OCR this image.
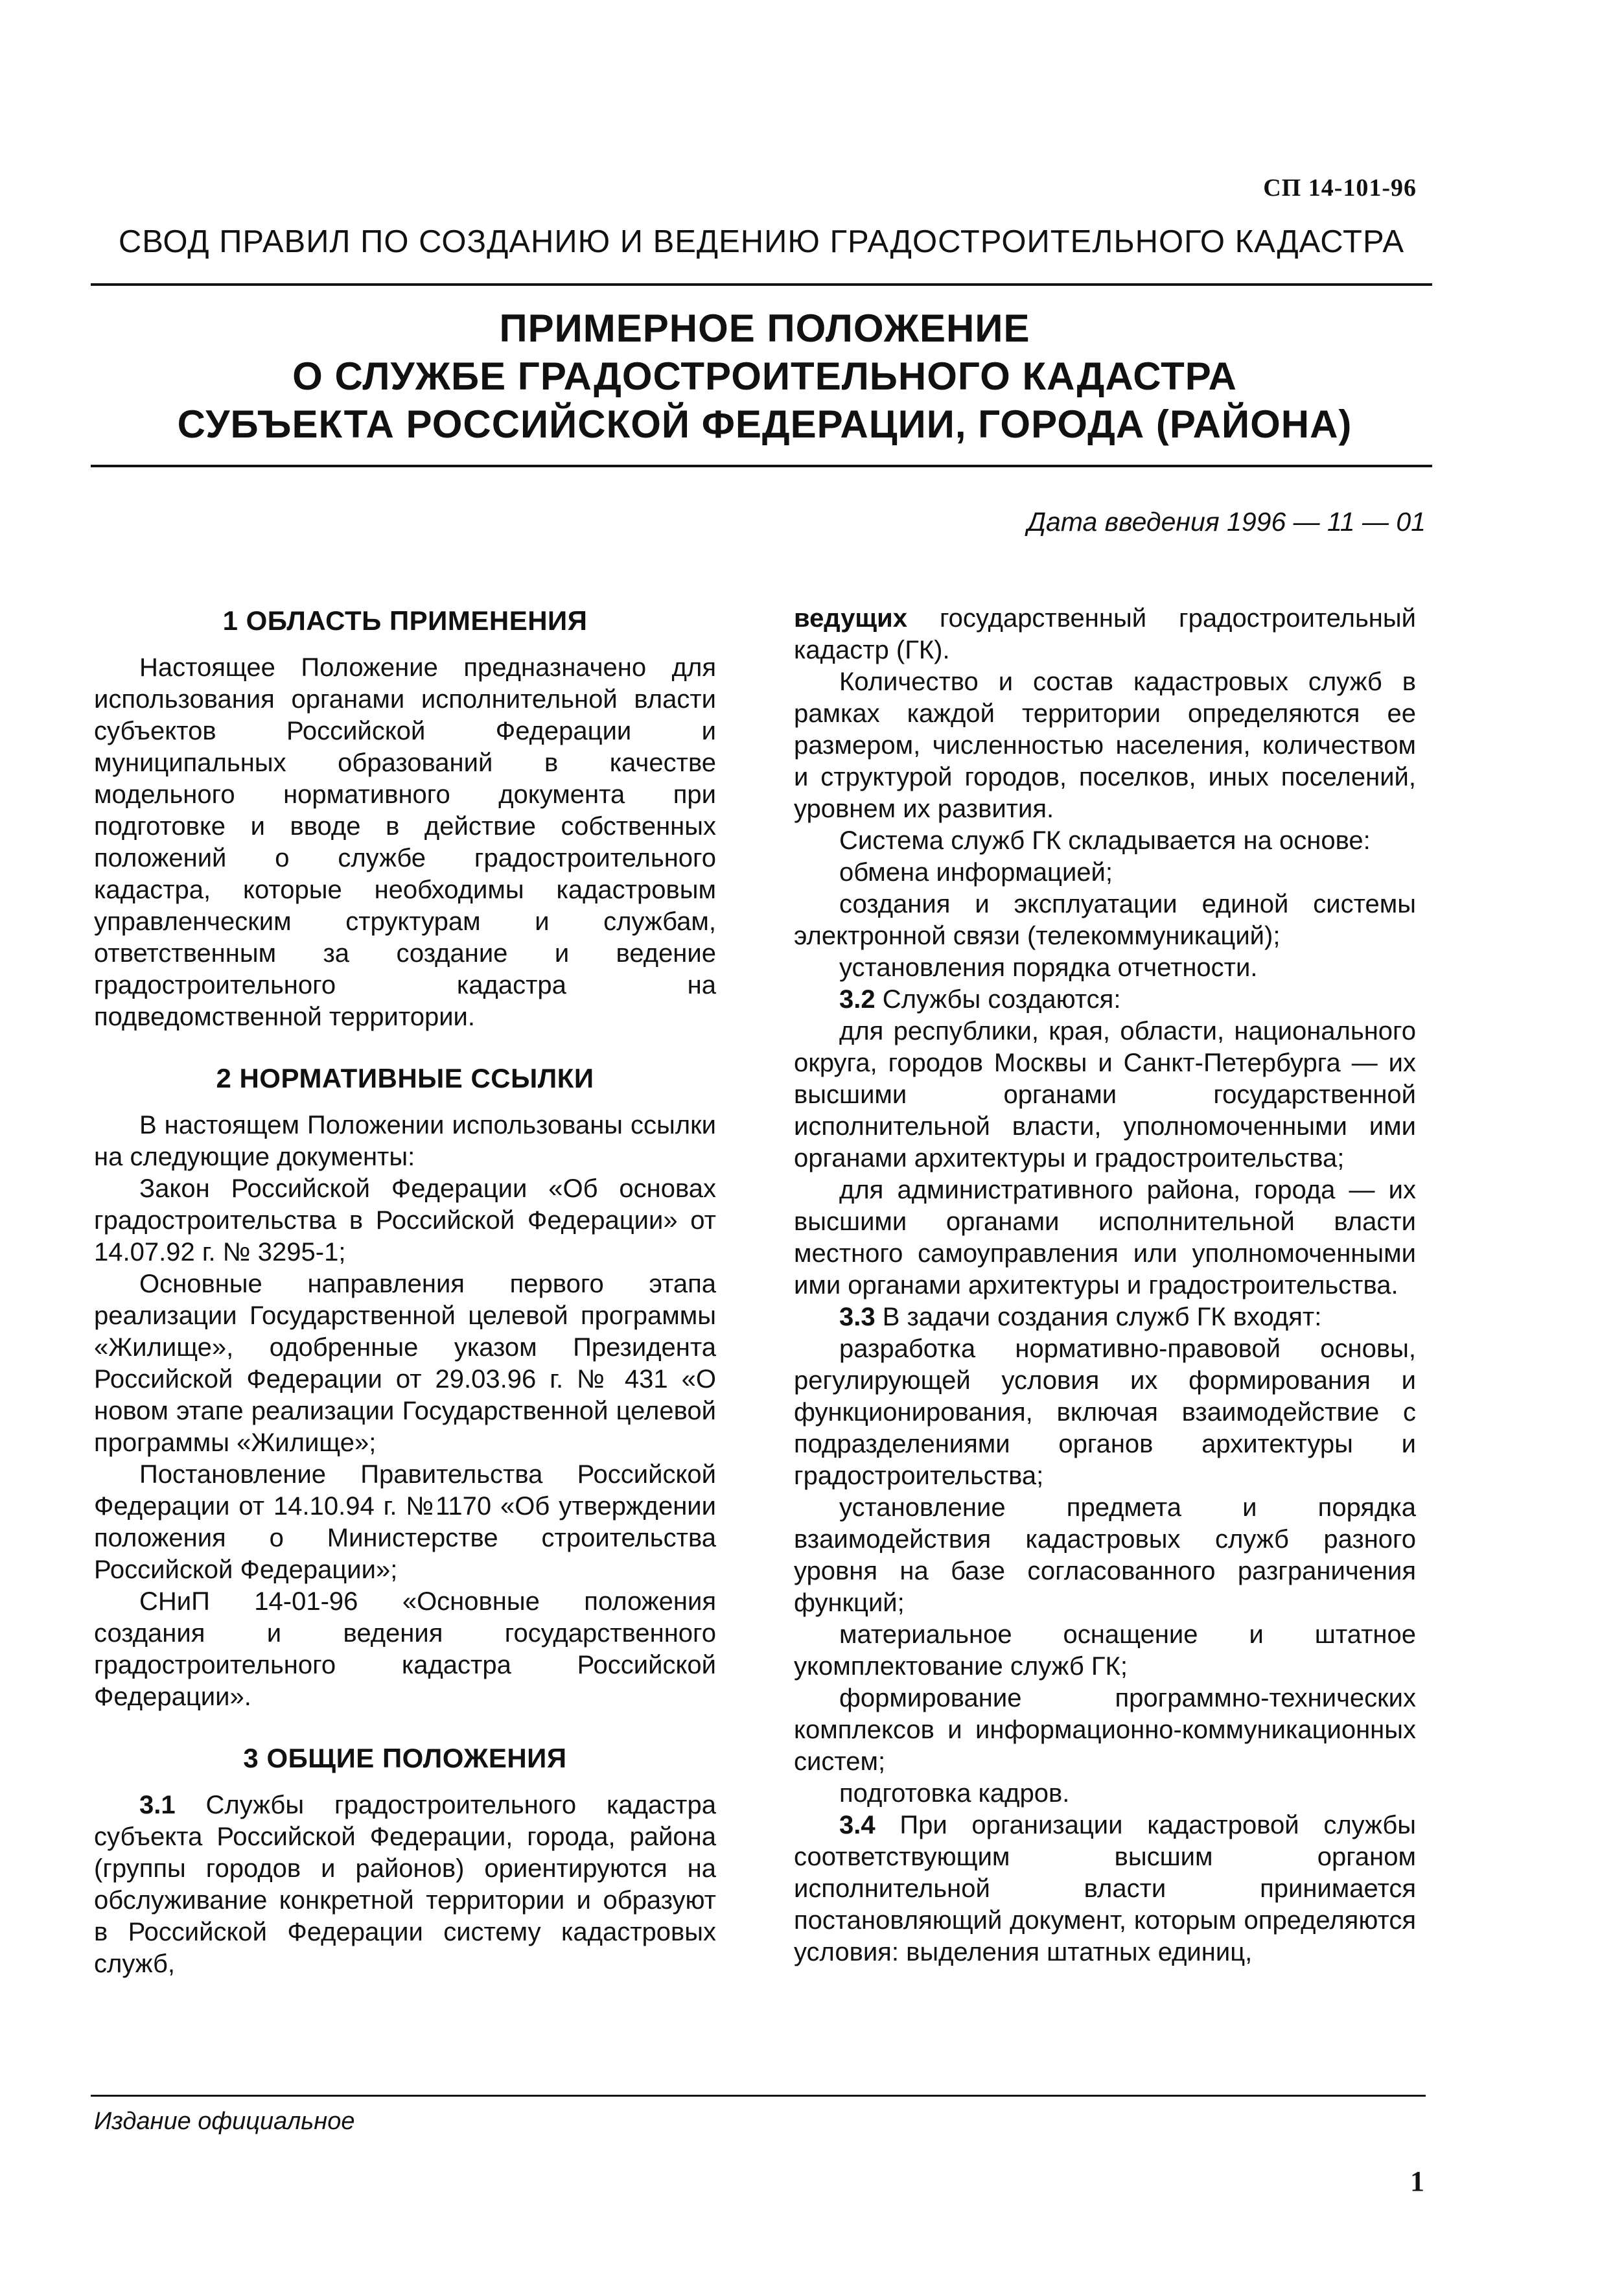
СП 14-101-96
СВОД ПРАВИЛ ПО СОЗДАНИЮ И ВЕДЕНИЮ ГРАДОСТРОИТЕЛЬНОГО КАДАСТРА
ПРИМЕРНОЕ ПОЛОЖЕНИЕ
О СЛУЖБЕ ГРАДОСТРОИТЕЛЬНОГО КАДАСТРА
СУБЪЕКТА РОССИЙСКОЙ ФЕДЕРАЦИИ, ГОРОДА (РАЙОНА)
Дата введения 1996 — 11 — 01
1 ОБЛАСТЬ ПРИМЕНЕНИЯ

Настоящее Положение предназначено для использования органами исполнительной власти субъектов Российской Федерации и муниципальных образований в качестве модельного нормативного документа при подготовке и вводе в действие собственных положений о службе градостроительного кадастра, которые необходимы кадастровым управленческим структурам и службам, ответственным за создание и ведение градостроительного кадастра на подведомственной территории.

2 НОРМАТИВНЫЕ ССЫЛКИ

В настоящем Положении использованы ссылки на следующие документы:

Закон Российской Федерации «Об основах градостроительства в Российской Федерации» от 14.07.92 г. № 3295-1;

Основные направления первого этапа реализации Государственной целевой программы «Жилище», одобренные указом Президента Российской Федерации от 29.03.96 г. № 431 «О новом этапе реализации Государственной целевой программы «Жилище»;

Постановление Правительства Российской Федерации от 14.10.94 г. №1170 «Об утверждении положения о Министерстве строительства Российской Федерации»;

СНиП 14-01-96 «Основные положения создания и ведения государственного градостроительного кадастра Российской Федерации».

3 ОБЩИЕ ПОЛОЖЕНИЯ

3.1 Службы градостроительного кадастра субъекта Российской Федерации, города, района (группы городов и районов) ориентируются на обслуживание конкретной территории и образуют в Российской Федерации систему кадастровых служб,

ведущих государственный градостроительный кадастр (ГК).

Количество и состав кадастровых служб в рамках каждой территории определяются ее размером, численностью населения, количеством и структурой городов, поселков, иных поселений, уровнем их развития.

Система служб ГК складывается на основе:

обмена информацией;

создания и эксплуатации единой системы электронной связи (телекоммуникаций);

установления порядка отчетности.

3.2 Службы создаются:

для республики, края, области, национального округа, городов Москвы и Санкт-Петербурга — их высшими органами государственной исполнительной власти, уполномоченными ими органами архитектуры и градостроительства;

для административного района, города — их высшими органами исполнительной власти местного самоуправления или уполномоченными ими органами архитектуры и градостроительства.

3.3 В задачи создания служб ГК входят:

разработка нормативно-правовой основы, регулирующей условия их формирования и функционирования, включая взаимодействие с подразделениями органов архитектуры и градостроительства;

установление предмета и порядка взаимодействия кадастровых служб разного уровня на базе согласованного разграничения функций;

материальное оснащение и штатное укомплектование служб ГК;

формирование программно-технических комплексов и информационно-коммуникационных систем;

подготовка кадров.

3.4 При организации кадастровой службы соответствующим высшим органом исполнительной власти принимается постановляющий документ, которым определяются условия: выделения штатных единиц,

Издание официальное
1
